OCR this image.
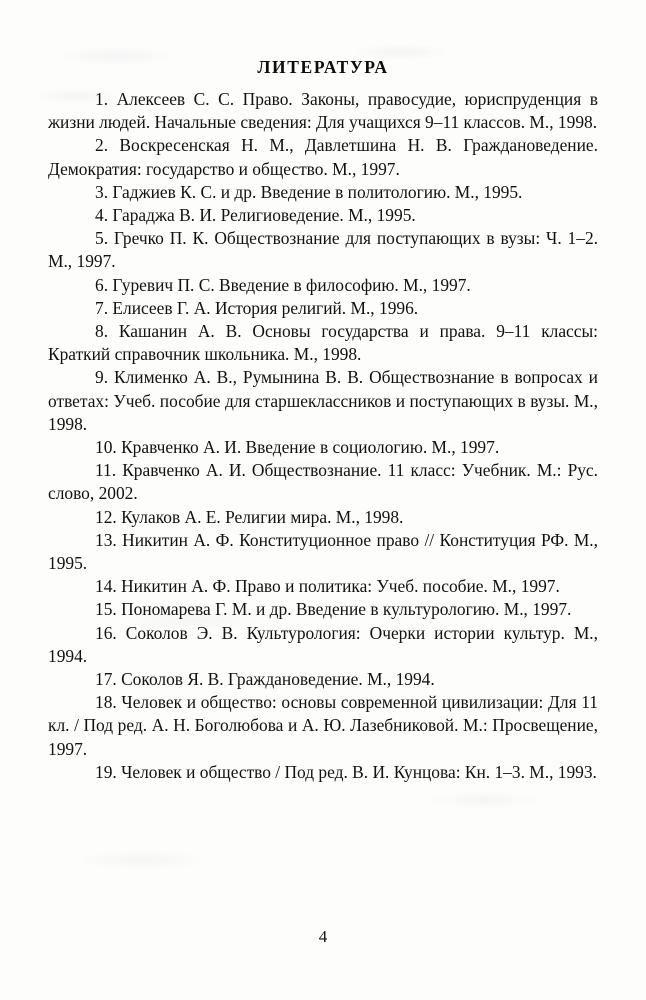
ЛИТЕРАТУРА

1. Алексеев С. С. Право. Законы, правосудие, юриспруденция в жизни людей. Начальные сведения: Для учащихся 9–11 классов. М., 1998.

2. Воскресенская Н. М., Давлетшина Н. В. Граждановедение. Демократия: государство и общество. М., 1997.

3. Гаджиев К. С. и др. Введение в политологию. М., 1995.

4. Гараджа В. И. Религиоведение. М., 1995.

5. Гречко П. К. Обществознание для поступающих в вузы: Ч. 1–2. М., 1997.

6. Гуревич П. С. Введение в философию. М., 1997.

7. Елисеев Г. А. История религий. М., 1996.

8. Кашанин А. В. Основы государства и права. 9–11 классы: Краткий справочник школьника. М., 1998.

9. Клименко А. В., Румынина В. В. Обществознание в вопросах и ответах: Учеб. пособие для старшеклассников и поступающих в вузы. М., 1998.

10. Кравченко А. И. Введение в социологию. М., 1997.

11. Кравченко А. И. Обществознание. 11 класс: Учебник. М.: Рус. слово, 2002.

12. Кулаков А. Е. Религии мира. М., 1998.

13. Никитин А. Ф. Конституционное право // Конституция РФ. М., 1995.

14. Никитин А. Ф. Право и политика: Учеб. пособие. М., 1997.

15. Пономарева Г. М. и др. Введение в культурологию. М., 1997.

16. Соколов Э. В. Культурология: Очерки истории культур. М., 1994.

17. Соколов Я. В. Граждановедение. М., 1994.

18. Человек и общество: основы современной цивилизации: Для 11 кл. / Под ред. А. Н. Боголюбова и А. Ю. Лазебниковой. М.: Просвещение, 1997.

19. Человек и общество / Под ред. В. И. Кунцова: Кн. 1–3. М., 1993.

4
